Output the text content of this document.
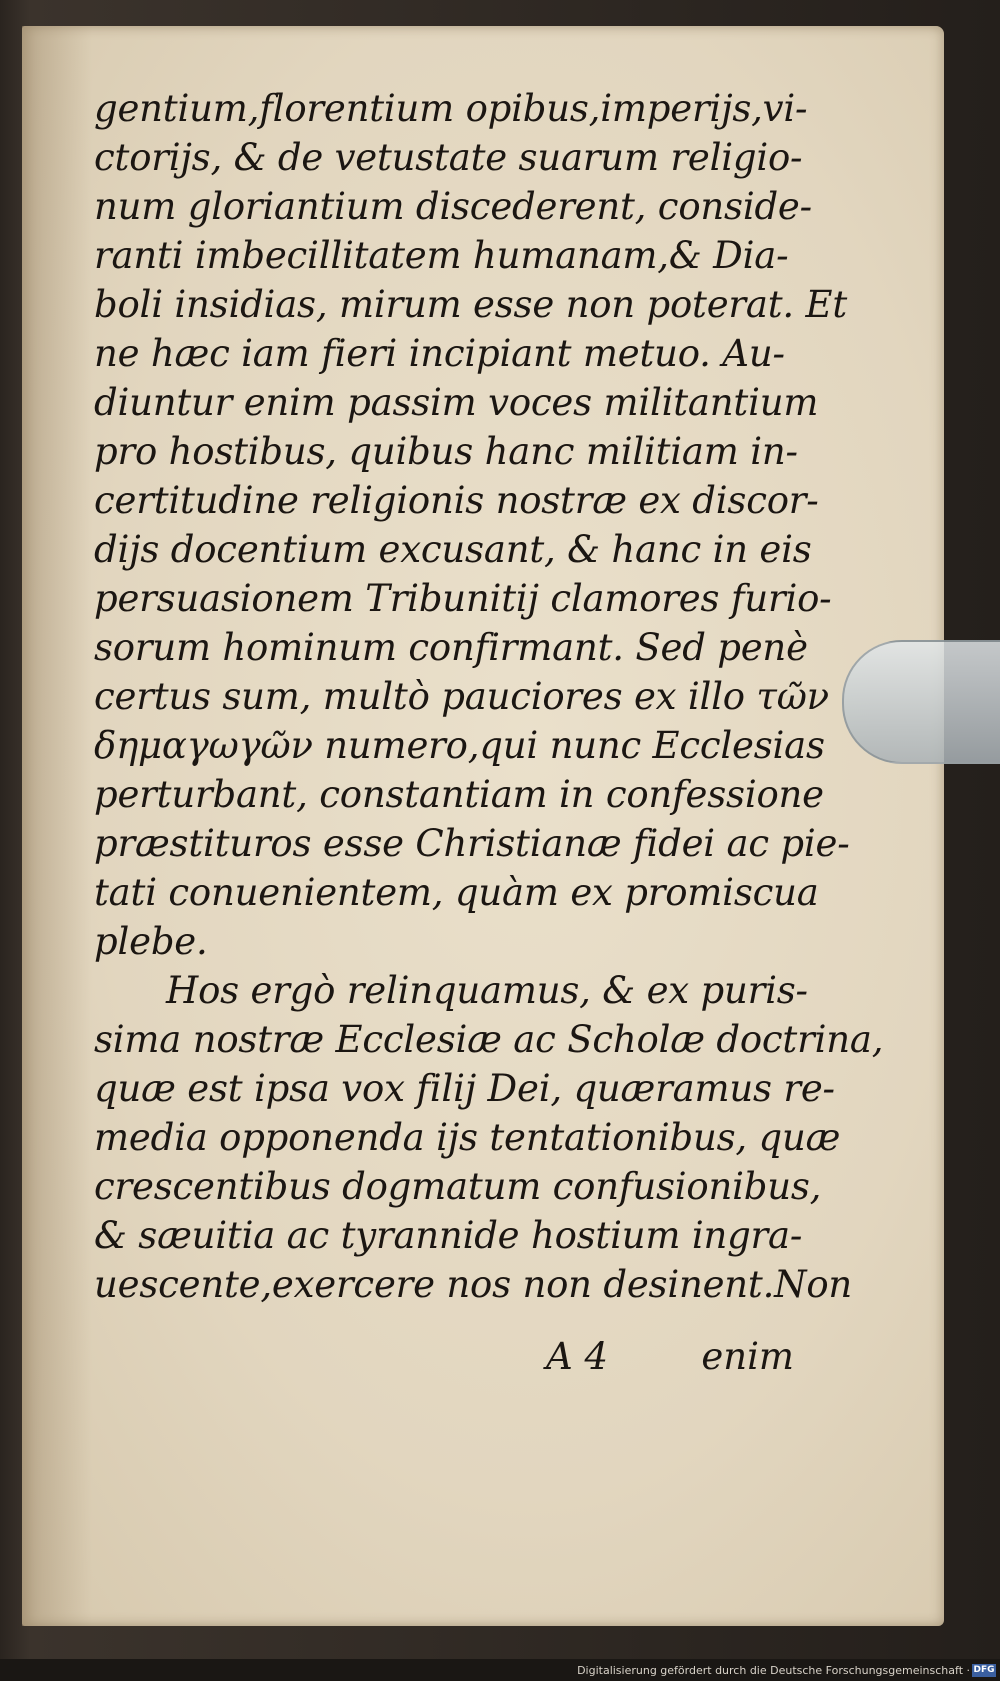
gentium,florentium opibus,imperijs,vi-
ctorijs, & de vetustate suarum religio-
num gloriantium discederent, conside-
ranti imbecillitatem humanam,& Dia-
boli insidias, mirum esse non poterat. Et
ne hæc iam fieri incipiant metuo. Au-
diuntur enim passim voces militantium
pro hostibus, quibus hanc militiam in-
certitudine religionis nostræ ex discor-
dijs docentium excusant, & hanc in eis
persuasionem Tribunitij clamores furio-
sorum hominum confirmant. Sed penè
certus sum, multò pauciores ex illo τῶν
δημαγωγῶν numero,qui nunc Ecclesias
perturbant, constantiam in confessione
præstituros esse Christianæ fidei ac pie-
tati conuenientem, quàm ex promiscua
plebe.
Hos ergò relinquamus, & ex puris-
sima nostræ Ecclesiæ ac Scholæ doctrina,
quæ est ipsa vox filij Dei, quæramus re-
media opponenda ijs tentationibus, quæ
crescentibus dogmatum confusionibus,
& sæuitia ac tyrannide hostium ingra-
uescente,exercere nos non desinent.Non
A 4	enim
Digitalisierung gefördert durch die Deutsche Forschungsgemeinschaft · DFG
